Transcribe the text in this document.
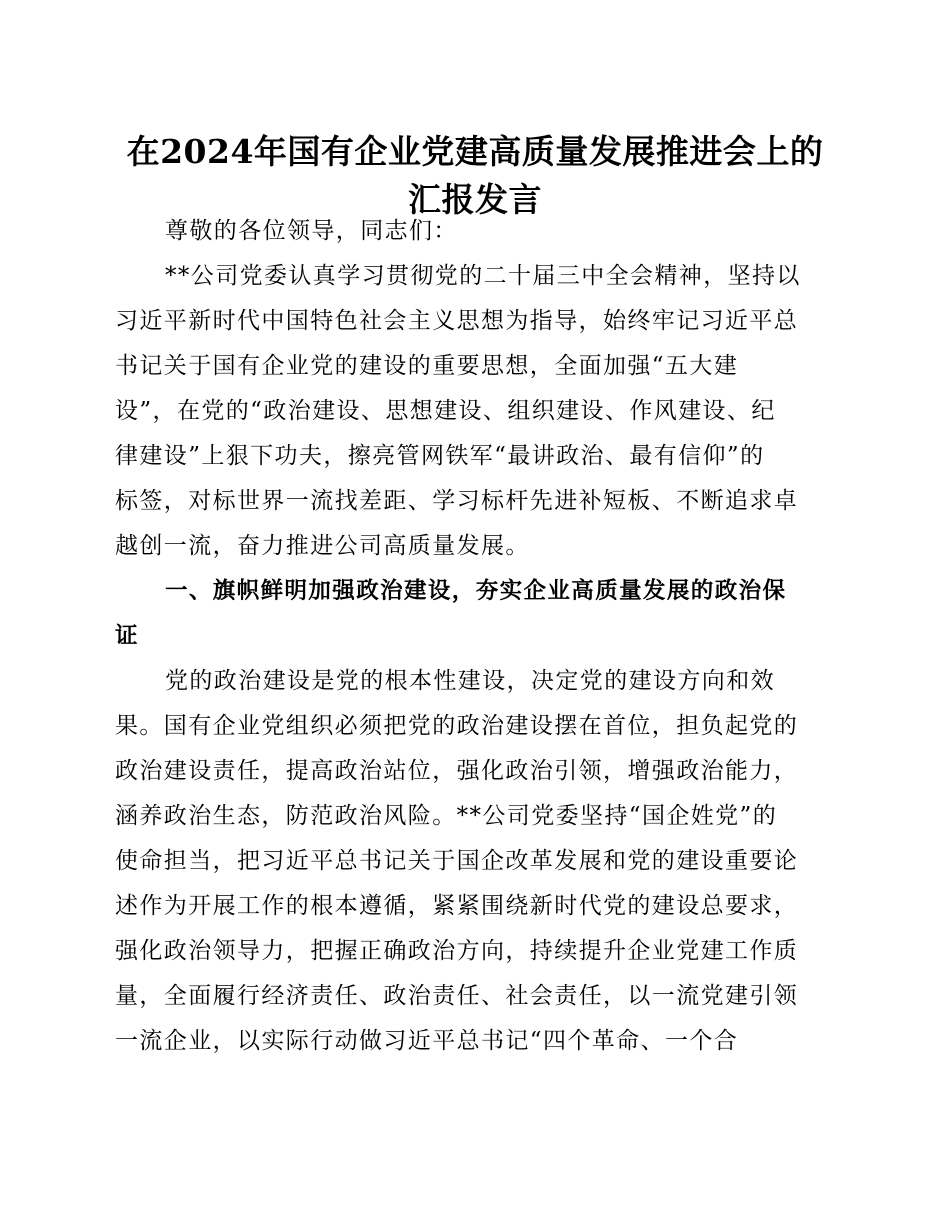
在2024年国有企业党建高质量发展推进会上的
汇报发言
尊敬的各位领导，同志们：
**公司党委认真学习贯彻党的二十届三中全会精神，坚持以
习近平新时代中国特色社会主义思想为指导，始终牢记习近平总
书记关于国有企业党的建设的重要思想，全面加强“五大建
设”，在党的“政治建设、思想建设、组织建设、作风建设、纪
律建设”上狠下功夫，擦亮管网铁军“最讲政治、最有信仰”的
标签，对标世界一流找差距、学习标杆先进补短板、不断追求卓
越创一流，奋力推进公司高质量发展。
一、旗帜鲜明加强政治建设，夯实企业高质量发展的政治保
证
党的政治建设是党的根本性建设，决定党的建设方向和效
果。国有企业党组织必须把党的政治建设摆在首位，担负起党的
政治建设责任，提高政治站位，强化政治引领，增强政治能力，
涵养政治生态，防范政治风险。**公司党委坚持“国企姓党”的
使命担当，把习近平总书记关于国企改革发展和党的建设重要论
述作为开展工作的根本遵循，紧紧围绕新时代党的建设总要求，
强化政治领导力，把握正确政治方向，持续提升企业党建工作质
量，全面履行经济责任、政治责任、社会责任，以一流党建引领
一流企业，以实际行动做习近平总书记“四个革命、一个合
